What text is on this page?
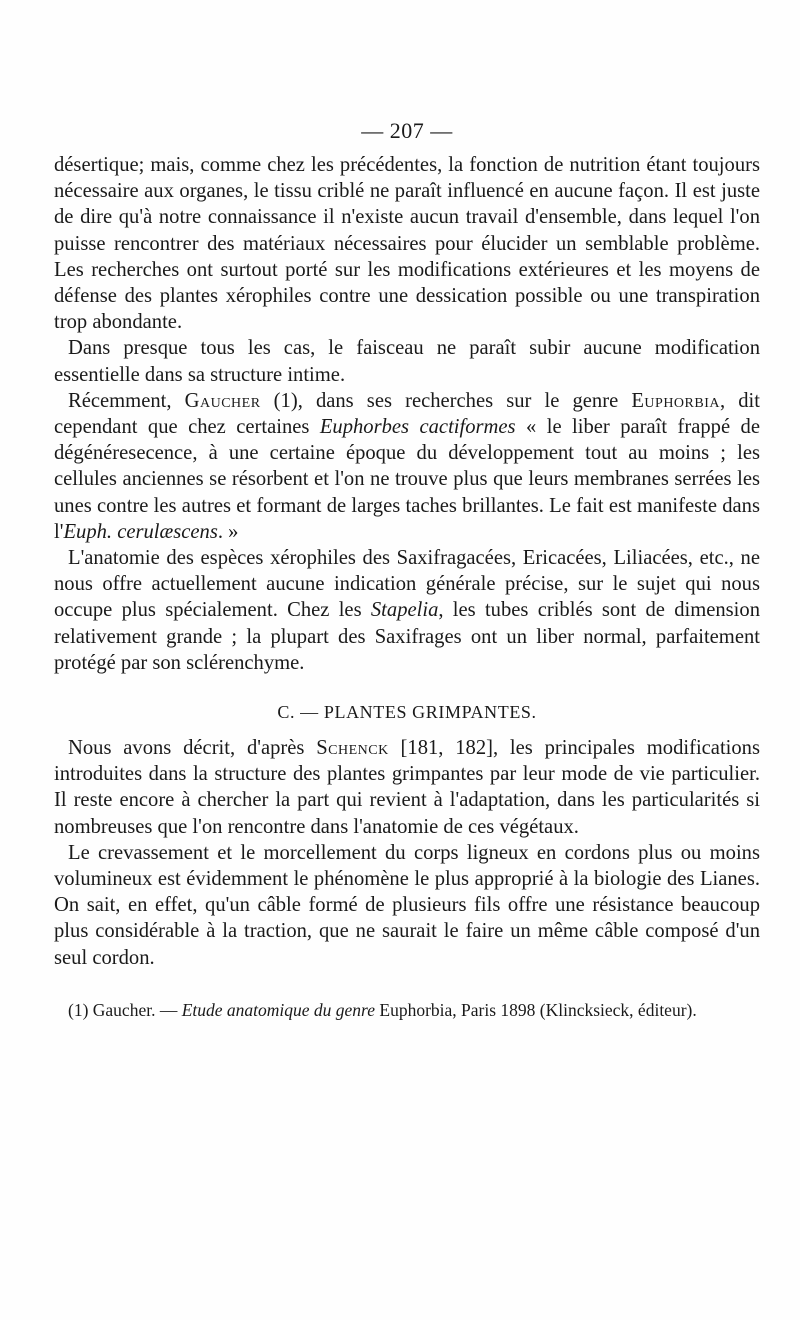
— 207 —

désertique; mais, comme chez les précédentes, la fonction de nutrition étant toujours nécessaire aux organes, le tissu criblé ne paraît influencé en aucune façon. Il est juste de dire qu'à notre connaissance il n'existe aucun travail d'ensemble, dans lequel l'on puisse rencontrer des matériaux nécessaires pour élucider un semblable problème. Les recherches ont surtout porté sur les modifications extérieures et les moyens de défense des plantes xérophiles contre une dessication possible ou une transpiration trop abondante.

Dans presque tous les cas, le faisceau ne paraît subir aucune modification essentielle dans sa structure intime.

Récemment, Gaucher (1), dans ses recherches sur le genre Euphorbia, dit cependant que chez certaines Euphorbes cactiformes « le liber paraît frappé de dégénéresecence, à une certaine époque du développement tout au moins ; les cellules anciennes se résorbent et l'on ne trouve plus que leurs membranes serrées les unes contre les autres et formant de larges taches brillantes. Le fait est manifeste dans l'Euph. cerulæscens. »

L'anatomie des espèces xérophiles des Saxifragacées, Ericacées, Liliacées, etc., ne nous offre actuellement aucune indication générale précise, sur le sujet qui nous occupe plus spécialement. Chez les Stapelia, les tubes criblés sont de dimension relativement grande ; la plupart des Saxifrages ont un liber normal, parfaitement protégé par son sclérenchyme.

C. — PLANTES GRIMPANTES.

Nous avons décrit, d'après Schenck [181, 182], les principales modifications introduites dans la structure des plantes grimpantes par leur mode de vie particulier. Il reste encore à chercher la part qui revient à l'adaptation, dans les particularités si nombreuses que l'on rencontre dans l'anatomie de ces végétaux.

Le crevassement et le morcellement du corps ligneux en cordons plus ou moins volumineux est évidemment le phénomène le plus approprié à la biologie des Lianes. On sait, en effet, qu'un câble formé de plusieurs fils offre une résistance beaucoup plus considérable à la traction, que ne saurait le faire un même câble composé d'un seul cordon.

(1) Gaucher. — Etude anatomique du genre Euphorbia, Paris 1898 (Klincksieck, éditeur).
